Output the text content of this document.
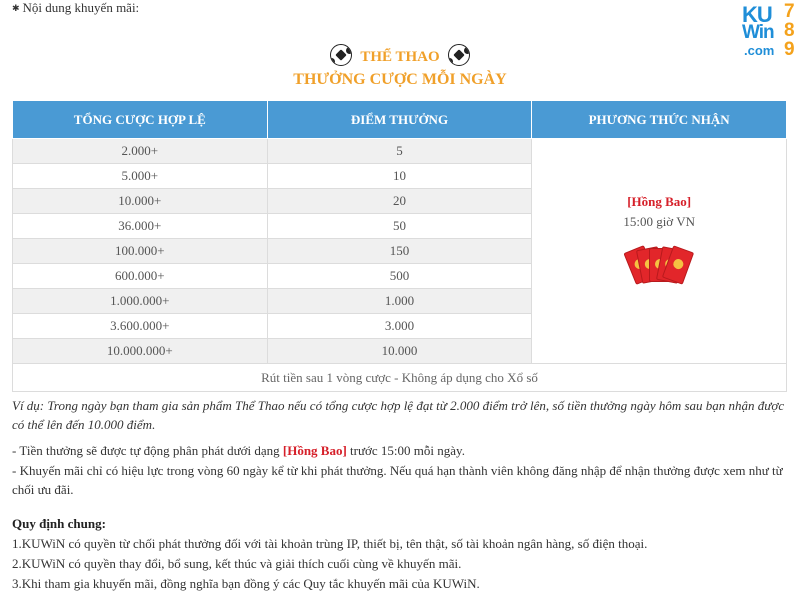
✱ Nội dung khuyến mãi:	KU
Win
.com
7
8
9
THỂ THAO
THƯỞNG CƯỢC MỖI NGÀY
TỔNG CƯỢC HỢP LỆ	ĐIỂM THƯỞNG	PHƯƠNG THỨC NHẬN
2.000+	5	[Hồng Bao]
15:00 giờ VN

5.000+	10	
10.000+	20	
36.000+	50	
100.000+	150	
600.000+	500	
1.000.000+	1.000	
3.600.000+	3.000	
10.000.000+	10.000	
Rút tiền sau 1 vòng cược - Không áp dụng cho Xổ số		
Ví dụ: Trong ngày bạn tham gia sản phẩm Thể Thao nếu có tổng cược hợp lệ đạt từ 2.000 điểm trở lên, số tiền thưởng ngày hôm sau bạn nhận được có thể lên đến 10.000 điểm.
- Tiền thưởng sẽ được tự động phân phát dưới dạng [Hồng Bao] trước 15:00 mỗi ngày.
- Khuyến mãi chỉ có hiệu lực trong vòng 60 ngày kể từ khi phát thưởng. Nếu quá hạn thành viên không đăng nhập để nhận thưởng được xem như từ chối ưu đãi.
Quy định chung:
1.KUWiN có quyền từ chối phát thưởng đối với tài khoản trùng IP, thiết bị, tên thật, số tài khoản ngân hàng, số điện thoại.
2.KUWiN có quyền thay đổi, bổ sung, kết thúc và giải thích cuối cùng về khuyến mãi.
3.Khi tham gia khuyến mãi, đồng nghĩa bạn đồng ý các Quy tắc khuyến mãi của KUWiN.
